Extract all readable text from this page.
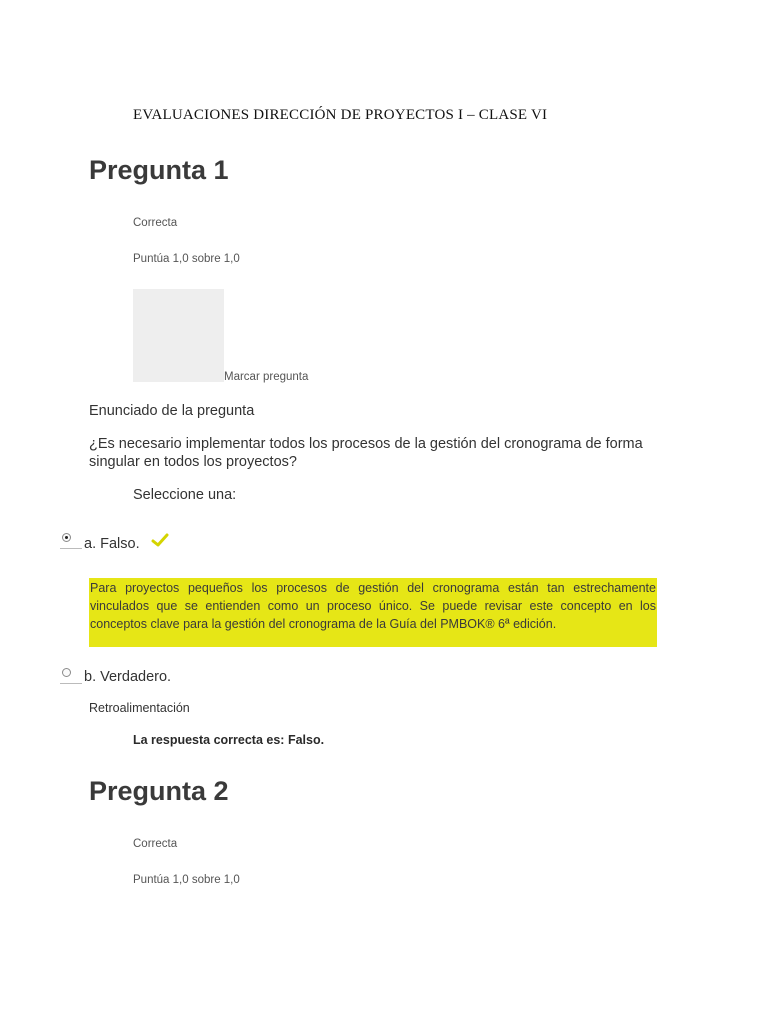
EVALUACIONES DIRECCIÓN DE PROYECTOS I – CLASE VI
Pregunta 1
Correcta
Puntúa 1,0 sobre 1,0
Marcar pregunta
Enunciado de la pregunta
¿Es necesario implementar todos los procesos de la gestión del cronograma de forma singular en todos los proyectos?
Seleccione una:
a. Falso.
Para proyectos pequeños los procesos de gestión del cronograma están tan estrechamente vinculados que se entienden como un proceso único. Se puede revisar este concepto en los conceptos clave para la gestión del cronograma de la Guía del PMBOK® 6ª edición.
b. Verdadero.
Retroalimentación
La respuesta correcta es: Falso.
Pregunta 2
Correcta
Puntúa 1,0 sobre 1,0
